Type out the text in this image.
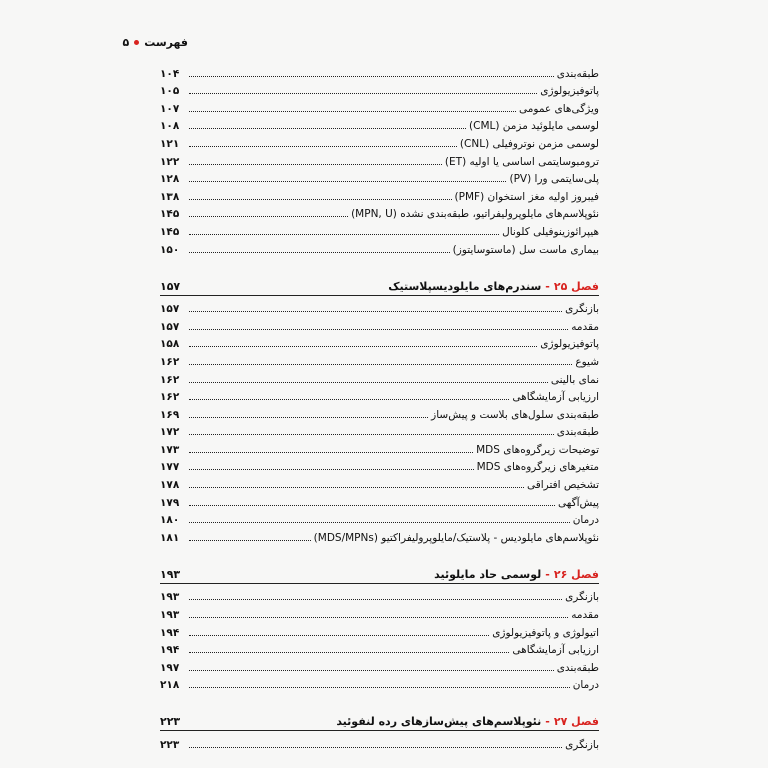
فهرست
۵
طبقه‌بندی
۱۰۴
پاتوفیزیولوژی
۱۰۵
ویژگی‌های عمومی
۱۰۷
لوسمی مایلوئید مزمن (CML)
۱۰۸
لوسمی مزمن نوتروفیلی (CNL)
۱۲۱
ترومبوسایتمی اساسی یا اولیه (ET)
۱۲۲
پلی‌سایتمی ورا (PV)
۱۲۸
فیبروز اولیه مغز استخوان (PMF)
۱۳۸
نئوپلاسم‌های مایلوپرولیفراتیو، طبقه‌بندی نشده (MPN, U)
۱۴۵
هیپرائوزینوفیلی کلونال
۱۴۵
بیماری ماست سل (ماستوسایتوز)
۱۵۰
فصل ۲۵-سندرم‌های مایلودیسپلاستیک
۱۵۷
بازنگری
۱۵۷
مقدمه
۱۵۷
پاتوفیزیولوژی
۱۵۸
شیوع
۱۶۲
نمای بالینی
۱۶۲
ارزیابی آزمایشگاهی
۱۶۲
طبقه‌بندی سلول‌های بلاست و پیش‌ساز
۱۶۹
طبقه‌بندی
۱۷۲
توضیحات زیرگروه‌های MDS
۱۷۳
متغیرهای زیرگروه‌های MDS
۱۷۷
تشخیص افتراقی
۱۷۸
پیش‌آگهی
۱۷۹
درمان
۱۸۰
نئوپلاسم‌های مایلودیس - پلاستیک/مایلوپرولیفراکتیو (MDS/MPNs)
۱۸۱
فصل ۲۶-لوسمی حاد مایلوئید
۱۹۳
بازنگری
۱۹۳
مقدمه
۱۹۳
اتیولوژی و پاتوفیزیولوژی
۱۹۴
ارزیابی آزمایشگاهی
۱۹۴
طبقه‌بندی
۱۹۷
درمان
۲۱۸
فصل ۲۷-نئوپلاسم‌های پیش‌سازهای رده لنفوئید
۲۲۳
بازنگری
۲۲۳
